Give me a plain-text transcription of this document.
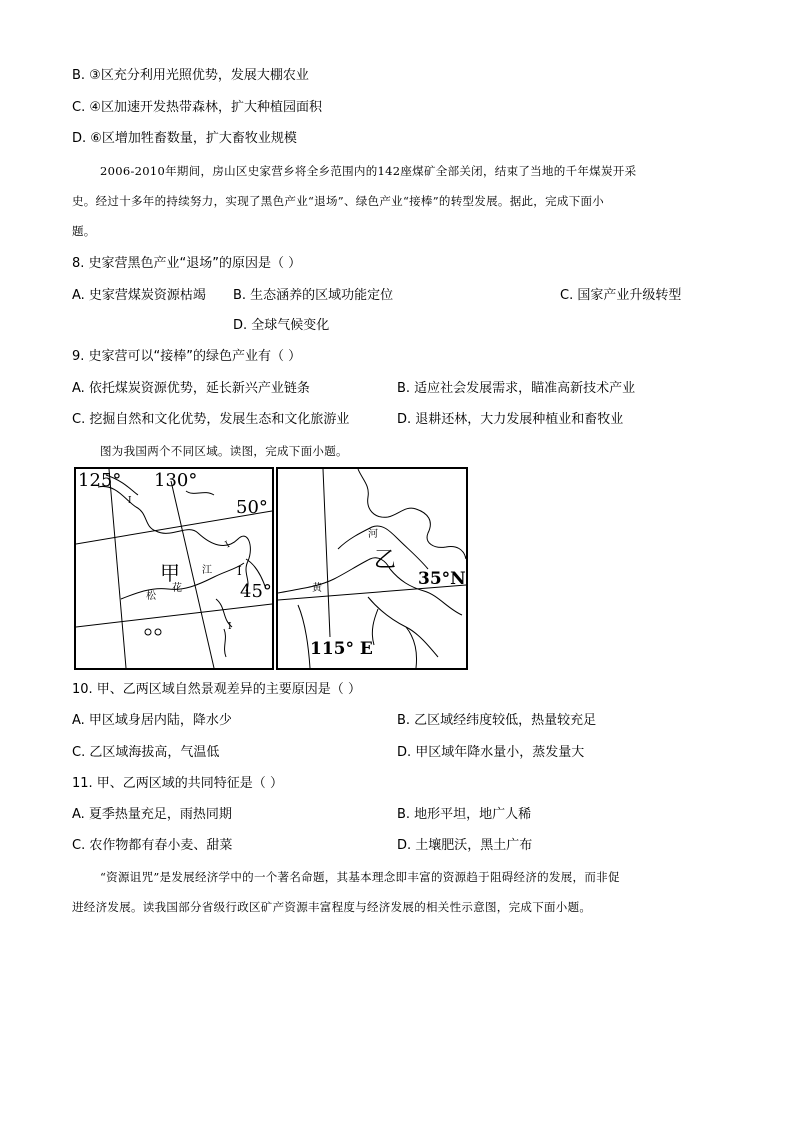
B. ③区充分利用光照优势，发展大棚农业
C. ④区加速开发热带森林，扩大种植园面积
D. ⑥区增加牲畜数量，扩大畜牧业规模
2006-2010年期间，房山区史家营乡将全乡范围内的142座煤矿全部关闭，结束了当地的千年煤炭开采
史。经过十多年的持续努力，实现了黑色产业“退场”、绿色产业“接棒”的转型发展。据此，完成下面小
题。
8. 史家营黑色产业“退场”的原因是（ ）
A. 史家营煤炭资源枯竭 B. 生态涵养的区域功能定位	C. 国家产业升级转型
D. 全球气候变化
9. 史家营可以“接棒”的绿色产业有（ ）
A. 依托煤炭资源优势，延长新兴产业链条	B. 适应社会发展需求，瞄准高新技术产业
C. 挖掘自然和文化优势，发展生态和文化旅游业	D. 退耕还林，大力发展种植业和畜牧业
图为我国两个不同区域。读图，完成下面小题。
I
I
I
I
125° 130°
50°
45°
甲
花
江
松
乙
35°N
115° E
河
黄
10. 甲、乙两区域自然景观差异的主要原因是（ ）
A. 甲区域身居内陆，降水少	B. 乙区域经纬度较低，热量较充足
C. 乙区域海拔高，气温低	D. 甲区域年降水量小，蒸发量大
11. 甲、乙两区域的共同特征是（ ）
A. 夏季热量充足，雨热同期	B. 地形平坦，地广人稀
C. 农作物都有春小麦、甜菜	D. 土壤肥沃，黑土广布
“资源诅咒”是发展经济学中的一个著名命题，其基本理念即丰富的资源趋于阻碍经济的发展，而非促
进经济发展。读我国部分省级行政区矿产资源丰富程度与经济发展的相关性示意图，完成下面小题。
